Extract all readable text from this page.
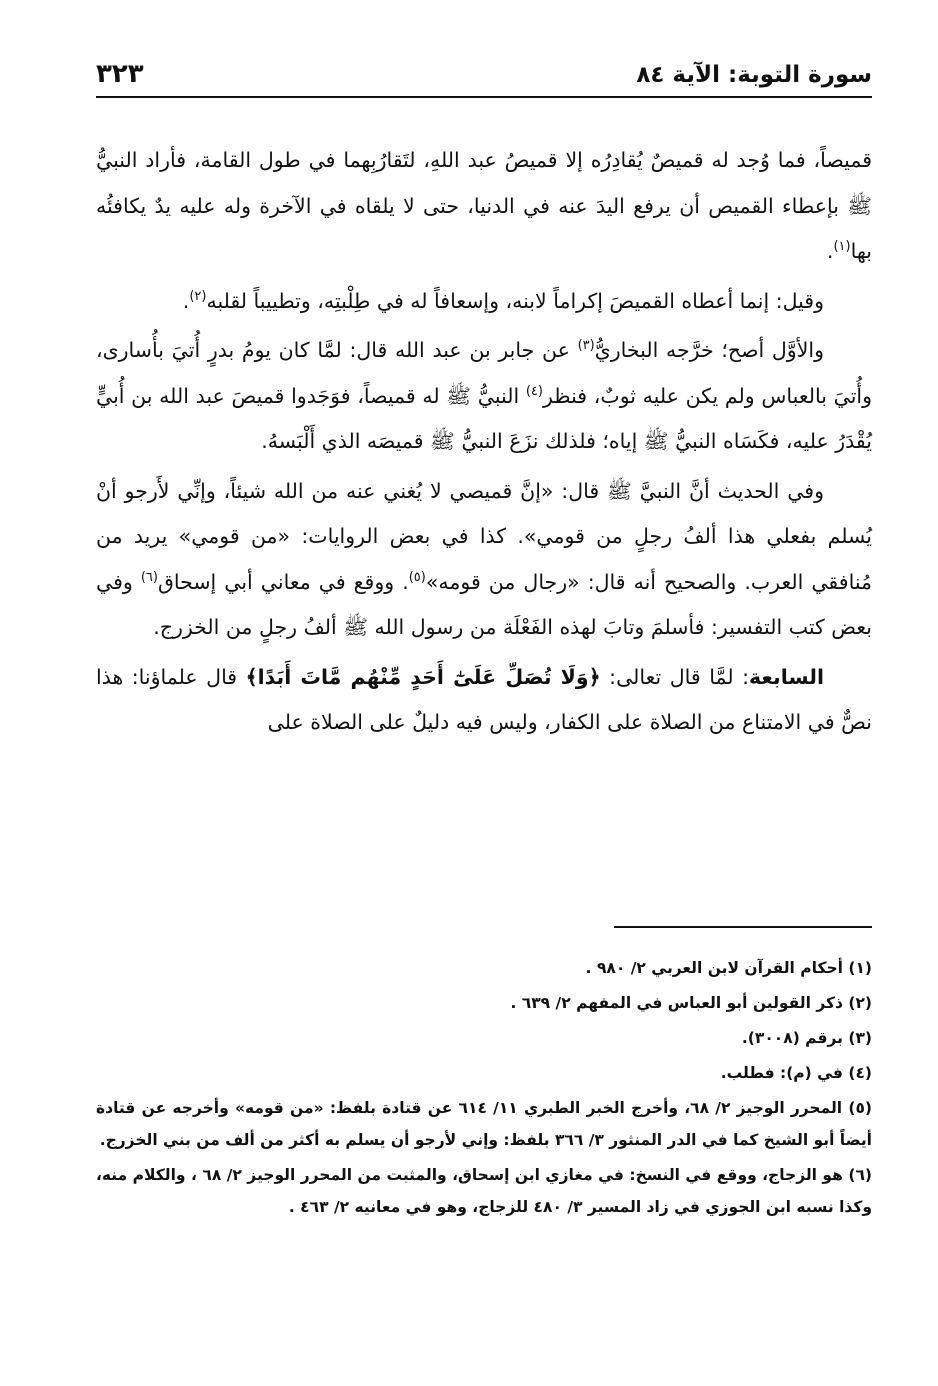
سورة التوبة: الآية ٨٤
٣٢٣

قميصاً، فما وُجد له قميصٌ يُقادِرُه إلا قميصُ عبد اللهِ، لتَقارُبِهما في طول القامة، فأراد النبيُّ ﷺ بإعطاء القميص أن يرفع اليدَ عنه في الدنيا، حتى لا يلقاه في الآخرة وله عليه يدٌ يكافئُه بها$^{(١)}$.

وقيل: إنما أعطاه القميصَ إكراماً لابنه، وإسعافاً له في طِلْبتِه، وتطييباً لقلبه$^{(٢)}$.

والأوَّل أصح؛ خرَّجه البخاريُّ$^{(٣)}$ عن جابر بن عبد الله قال: لمَّا كان يومُ بدرٍ أُتيَ بأُسارى، وأُتيَ بالعباس ولم يكن عليه ثوبٌ، فنظر$^{(٤)}$ النبيُّ ﷺ له قميصاً، فوَجَدوا قميصَ عبد الله بن أُبيٍّ يُقْدَرُ عليه، فكَسَاه النبيُّ ﷺ إياه؛ فلذلك نزَعَ النبيُّ ﷺ قميصَه الذي أَلْبَسهُ.

وفي الحديث أنَّ النبيَّ ﷺ قال: «إنَّ قميصي لا يُغني عنه من الله شيئاً، وإنِّي لأَرجو أنْ يُسلم بفعلي هذا ألفُ رجلٍ من قومي». كذا في بعض الروايات: «من قومي» يريد من مُنافقي العرب. والصحيح أنه قال: «رجال من قومه»$^{(٥)}$. ووقع في معاني أبي إسحاق$^{(٦)}$ وفي بعض كتب التفسير: فأسلمَ وتابَ لهذه الفَعْلَة من رسول الله ﷺ ألفُ رجلٍ من الخزرج.

السابعة: لمَّا قال تعالى: ﴿وَلَا تُصَلِّ عَلَىٰٓ أَحَدٍ مِّنْهُم مَّاتَ أَبَدًا﴾ قال علماؤنا: هذا نصٌّ في الامتناع من الصلاة على الكفار، وليس فيه دليلٌ على الصلاة على

(١) أحكام القرآن لابن العربي ٢/ ٩٨٠ .

(٢) ذكر القولين أبو العباس في المفهم ٢/ ٦٣٩ .

(٣) برقم (٣٠٠٨).

(٤) في (م): فطلب.

(٥) المحرر الوجيز ٢/ ٦٨، وأخرج الخبر الطبري ١١/ ٦١٤ عن قتادة بلفظ: «من قومه» وأخرجه عن قتادة أيضاً أبو الشيخ كما في الدر المنثور ٣/ ٣٦٦ بلفظ: وإني لأرجو أن يسلم به أكثر من ألف من بني الخزرج.

(٦) هو الزجاج، ووقع في النسخ: في مغازي ابن إسحاق، والمثبت من المحرر الوجيز ٢/ ٦٨ ، والكلام منه، وكذا نسبه ابن الجوزي في زاد المسير ٣/ ٤٨٠ للزجاج، وهو في معانيه ٢/ ٤٦٣ .
